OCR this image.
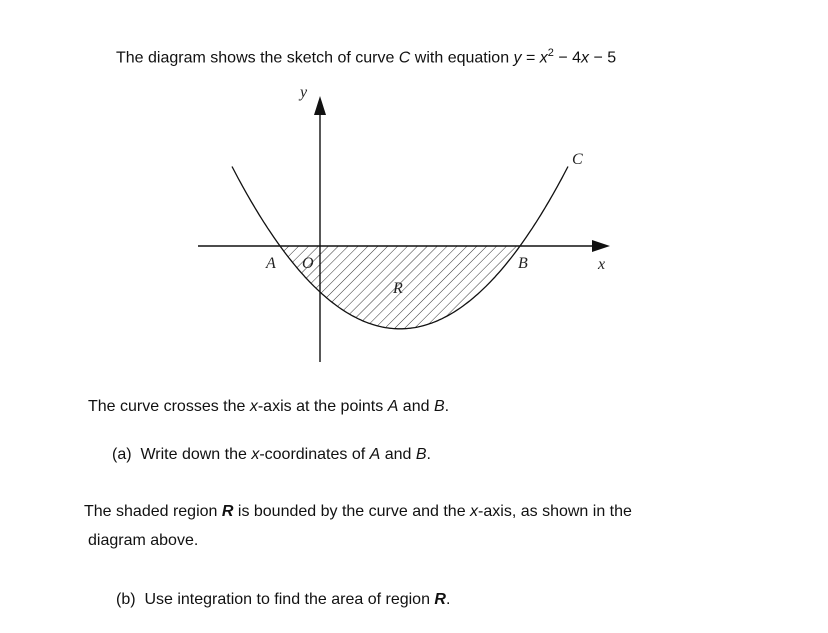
The diagram shows the sketch of curve C with equation $y = x^2 - 4x - 5$
y
x
C
A O	B
R
The curve crosses the x-axis at the points A and B.
(a) Write down the x-coordinates of A and B.
The shaded region R is bounded by the curve and the x-axis, as shown in the
diagram above.
(b) Use integration to find the area of region R.
